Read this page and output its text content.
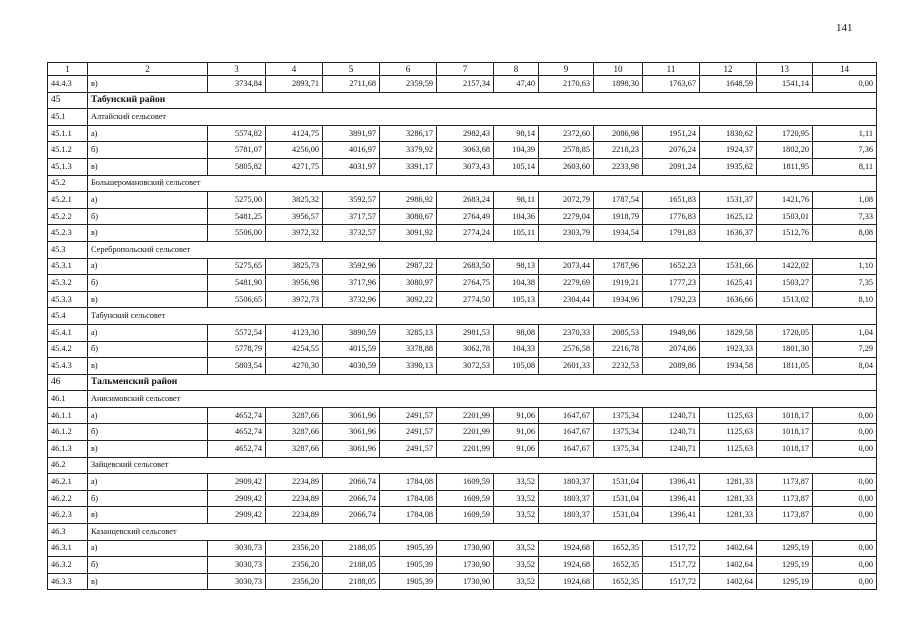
141
1	2	3	4	5	6	7	8	9	10	11	12	13	14
44.4.3	в)	3734,84	2893,71	2711,68	2359,59	2157,34	47,40	2170,63	1898,30	1763,67	1648,59	1541,14	0,00
45	Табунский район												
45.1	Алтайский сельсовет												
45.1.1	а)	5574,82	4124,75	3891,97	3286,17	2982,43	98,14	2372,60	2086,98	1951,24	1830,62	1720,95	1,11
45.1.2	б)	5781,07	4256,00	4016,97	3379,92	3063,68	104,39	2578,85	2218,23	2076,24	1924,37	1802,20	7,36
45.1.3	в)	5805,82	4271,75	4031,97	3391,17	3073,43	105,14	2603,60	2233,98	2091,24	1935,62	1811,95	8,11
45.2	Большеромановский сельсовет												
45.2.1	а)	5275,00	3825,32	3592,57	2986,92	2683,24	98,11	2072,79	1787,54	1651,83	1531,37	1421,76	1,08
45.2.2	б)	5481,25	3956,57	3717,57	3080,67	2764,49	104,36	2279,04	1918,79	1776,83	1625,12	1503,01	7,33
45.2.3	в)	5506,00	3972,32	3732,57	3091,92	2774,24	105,11	2303,79	1934,54	1791,83	1636,37	1512,76	8,08
45.3	Серебропольский сельсовет												
45.3.1	а)	5275,65	3825,73	3592,96	2987,22	2683,50	98,13	2073,44	1787,96	1652,23	1531,66	1422,02	1,10
45.3.2	б)	5481,90	3956,98	3717,96	3080,97	2764,75	104,38	2279,69	1919,21	1777,23	1625,41	1503,27	7,35
45.3.3	в)	5506,65	3972,73	3732,96	3092,22	2774,50	105,13	2304,44	1934,96	1792,23	1636,66	1513,02	8,10
45.4	Табунский сельсовет												
45.4.1	а)	5572,54	4123,30	3890,59	3285,13	2981,53	98,08	2370,33	2085,53	1949,86	1829,58	1720,05	1,04
45.4.2	б)	5778,79	4254,55	4015,59	3378,88	3062,78	104,33	2576,58	2216,78	2074,86	1923,33	1801,30	7,29
45.4.3	в)	5803,54	4270,30	4030,59	3390,13	3072,53	105,08	2601,33	2232,53	2089,86	1934,58	1811,05	8,04
46	Тальменский район												
46.1	Анисимовский сельсовет												
46.1.1	а)	4652,74	3287,66	3061,96	2491,57	2201,99	91,06	1647,67	1375,34	1240,71	1125,63	1018,17	0,00
46.1.2	б)	4652,74	3287,66	3061,96	2491,57	2201,99	91,06	1647,67	1375,34	1240,71	1125,63	1018,17	0,00
46.1.3	в)	4652,74	3287,66	3061,96	2491,57	2201,99	91,06	1647,67	1375,34	1240,71	1125,63	1018,17	0,00
46.2	Зайцевский сельсовет												
46.2.1	а)	2909,42	2234,89	2066,74	1784,08	1609,59	33,52	1803,37	1531,04	1396,41	1281,33	1173,87	0,00
46.2.2	б)	2909,42	2234,89	2066,74	1784,08	1609,59	33,52	1803,37	1531,04	1396,41	1281,33	1173,87	0,00
46.2.3	в)	2909,42	2234,89	2066,74	1784,08	1609,59	33,52	1803,37	1531,04	1396,41	1281,33	1173,87	0,00
46.3	Казанцевский сельсовет												
46.3.1	а)	3030,73	2356,20	2188,05	1905,39	1730,90	33,52	1924,68	1652,35	1517,72	1402,64	1295,19	0,00
46.3.2	б)	3030,73	2356,20	2188,05	1905,39	1730,90	33,52	1924,68	1652,35	1517,72	1402,64	1295,19	0,00
46.3.3	в)	3030,73	2356,20	2188,05	1905,39	1730,90	33,52	1924,68	1652,35	1517,72	1402,64	1295,19	0,00
